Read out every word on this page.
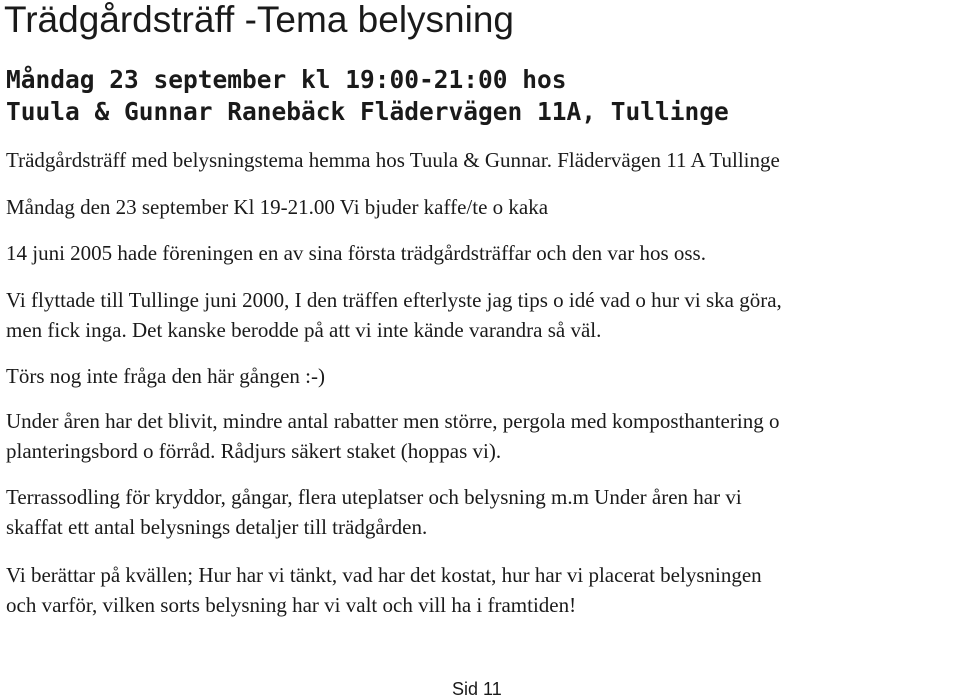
Trädgårdsträff -Tema belysning
Måndag 23 september kl 19:00-21:00 hos
Tuula & Gunnar Ranebäck Flädervägen 11A, Tullinge
Trädgårdsträff med belysningstema hemma hos Tuula & Gunnar. Flädervägen 11 A Tullinge
Måndag den 23 september Kl 19-21.00 Vi bjuder kaffe/te o kaka
14 juni 2005 hade föreningen en av sina första trädgårdsträffar och den var hos oss.
Vi flyttade till Tullinge juni 2000, I den träffen efterlyste jag tips o idé vad o hur vi ska göra,
men fick inga. Det kanske berodde på att vi inte kände varandra så väl.
Törs nog inte fråga den här gången :-)
Under åren har det blivit, mindre antal rabatter men större, pergola med komposthantering o
planteringsbord o förråd. Rådjurs säkert staket (hoppas vi).
Terrassodling för kryddor, gångar, flera uteplatser och belysning m.m Under åren har vi
skaffat ett antal belysnings detaljer till trädgården.
Vi berättar på kvällen; Hur har vi tänkt, vad har det kostat, hur har vi placerat belysningen
och varför, vilken sorts belysning har vi valt och vill ha i framtiden!
Sid 11
